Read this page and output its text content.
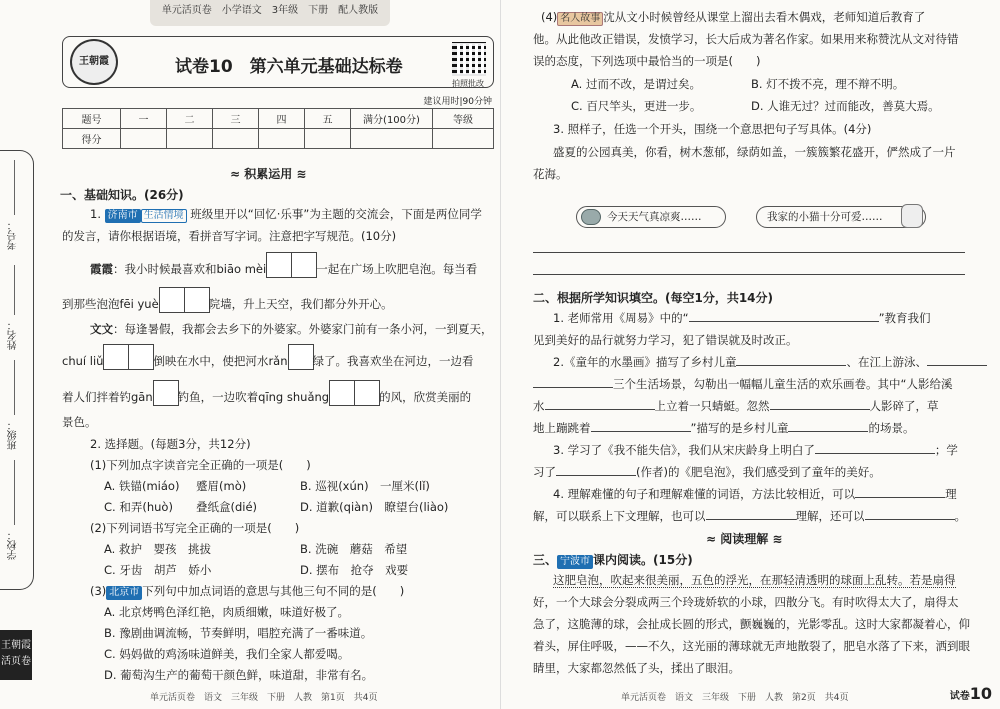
单元活页卷　小学语文　3年级　下册　配人教版
王朝霞	试卷10　第六单元基础达标卷
拍照批改
建议用时|90分钟
题号	一	二	三	四	五	满分(100分)	等级
得分							
考号：
姓名：
班级：
学校：
王朝霞
活页卷
≈ 积累运用 ≋
一、基础知识。(26分)
1. 济南市 生活情境 班级里开以“回忆·乐事”为主题的交流会，下面是两位同学
的发言，请你根据语境，看拼音写字词。注意把字写规范。(10分)
霞霞：我小时候最喜欢和biāo mèi	一起在广场上吹肥皂泡。每当看
到那些泡泡fēi yuè	院墙，升上天空，我们都分外开心。
文文：每逢暑假，我都会去乡下的外婆家。外婆家门前有一条小河，一到夏天，
chuí liǔ	倒映在水中，使把河水rǎn 绿了。我喜欢坐在河边，一边看
着人们拌着钓gān 钓鱼，一边吹着qīng shuǎng	的风，欣赏美丽的
景色。
2. 选择题。(每题3分，共12分)
(1)下列加点字读音完全正确的一项是(　　)
A. 铁锚(miáo) 蹙眉(mò)	B. 巡视(xún)　一厘米(lǐ)
C. 和弄(huò) 叠纸盒(dié)	D. 道歉(qiàn)　瞭望台(liào)
(2)下列词语书写完全正确的一项是(　　)
A. 救护　婴孩　挑拔	B. 洗碗　蘑菇　希望
C. 牙齿　胡芦　娇小	D. 摆布　抢夺　戏要
(3) 北京市 下列句中加点词语的意思与其他三句不同的是(　　)
A. 北京烤鸭色泽红艳，肉质细嫩，味道好极了。
B. 豫剧曲调流畅，节奏鲜明，唱腔充满了一番味道。
C. 妈妈做的鸡汤味道鲜美，我们全家人都爱喝。
D. 葡萄沟生产的葡萄干颜色鲜，味道甜，非常有名。
单元活页卷　语文　三年级　下册　人教　第1页　共4页
(4) 名人故事 沈从文小时候曾经从课堂上溜出去看木偶戏，老师知道后教育了
他。从此他改正错误，发愤学习，长大后成为著名作家。如果用来称赞沈从文对待错
误的态度，下列选项中最恰当的一项是(　　)
A. 过而不改，是谓过矣。	B. 灯不拨不亮，理不辩不明。
C. 百尺竿头，更进一步。	D. 人谁无过？过而能改，善莫大焉。
3. 照样子，任选一个开头，围绕一个意思把句子写具体。(4分)
盛夏的公园真美，你看，树木葱郁，绿荫如盖，一簇簇繁花盛开，俨然成了一片
花海。
今天天气真凉爽……	我家的小猫十分可爱……
二、根据所学知识填空。(每空1分，共14分)
1. 老师常用《周易》中的“	”教育我们
见到美好的品行就努力学习，犯了错误就及时改正。
2.《童年的水墨画》描写了乡村儿童	、在江上游泳、
三个生活场景，勾勒出一幅幅儿童生活的欢乐画卷。其中“人影给溪
水	上立着一只蜻蜓。忽然	人影碎了，草
地上蹦跳着	”描写的是乡村儿童	的场景。
3. 学习了《我不能失信》，我们从宋庆龄身上明白了	；学
习了	(作者)的《肥皂泡》，我们感受到了童年的美好。
4. 理解难懂的句子和理解难懂的词语，方法比较相近，可以	理
解，可以联系上下文理解，也可以	理解，还可以	。
≈ 阅读理解 ≋
三、 宁波市 课内阅读。(15分)
这肥皂泡，吹起来很美丽，五色的浮光，在那轻清透明的球面上乱转。若是扇得
好，一个大球会分裂成两三个玲珑娇软的小球，四散分飞。有时吹得太大了，扇得太
急了，这脆薄的球，会扯成长圆的形式，颤巍巍的，光影零乱。这时大家都凝着心，仰
着头，屏住呼吸，——不久，这光丽的薄球就无声地散裂了，肥皂水落了下来，洒到眼
睛里，大家都忽然低了头，揉出了眼泪。
单元活页卷　语文　三年级　下册　人教　第2页　共4页	试卷10
